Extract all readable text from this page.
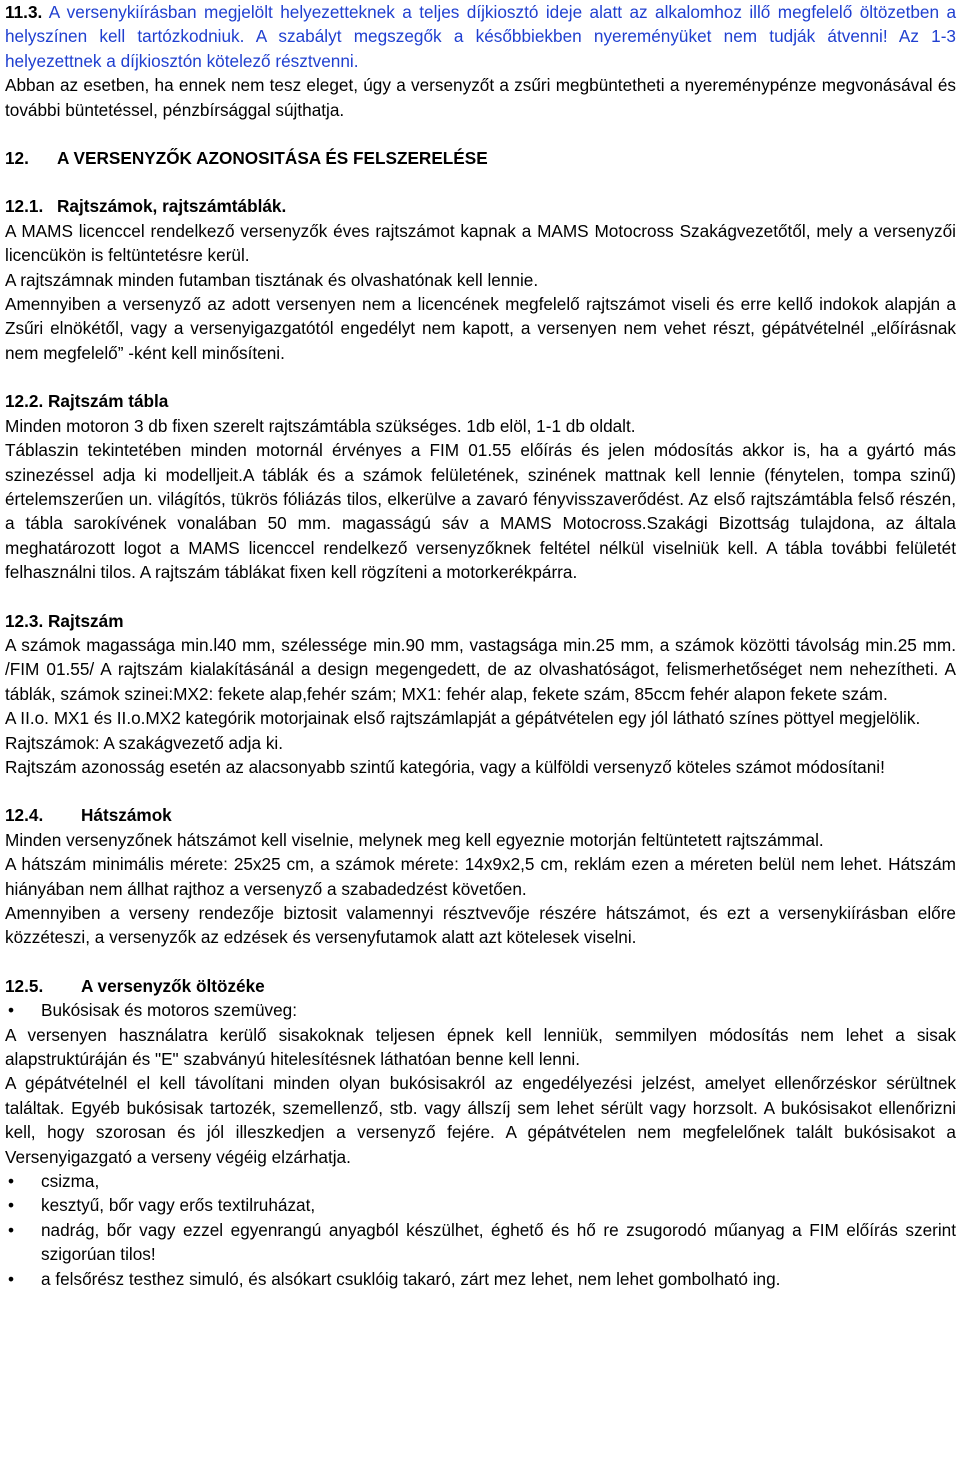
11.3. A versenykiírásban megjelölt helyezetteknek a teljes díjkiosztó ideje alatt az alkalomhoz illő megfelelő öltözetben a helyszínen kell tartózkodniuk. A szabályt megszegők a későbbiekben nyereményüket nem tudják átvenni! Az 1-3 helyezettnek a díjkiosztón kötelező résztvenni.

Abban az esetben, ha ennek nem tesz eleget, úgy a versenyzőt a zsűri megbüntetheti a nyereménypénze megvonásával és további büntetéssel, pénzbírsággal sújthatja.

12. A VERSENYZŐK AZONOSITÁSA ÉS FELSZERELÉSE

12.1. Rajtszámok, rajtszámtáblák.

A MAMS licenccel rendelkező versenyzők éves rajtszámot kapnak a MAMS Motocross Szakágvezetőtől, mely a versenyzői licencükön is feltüntetésre kerül.

A rajtszámnak minden futamban tisztának és olvashatónak kell lennie.

Amennyiben a versenyző az adott versenyen nem a licencének megfelelő rajtszámot viseli és erre kellő indokok alapján a Zsűri elnökétől, vagy a versenyigazgatótól engedélyt nem kapott, a versenyen nem vehet részt, gépátvételnél „előírásnak nem megfelelő” -ként kell minősíteni.

12.2. Rajtszám tábla

Minden motoron 3 db fixen szerelt rajtszámtábla szükséges. 1db elöl, 1-1 db oldalt.

Táblaszin tekintetében minden motornál érvényes a FIM 01.55 előírás és jelen módosítás akkor is, ha a gyártó más szinezéssel adja ki modelljeit.A táblák és a számok felületének, szinének mattnak kell lennie (fénytelen, tompa szinű) értelemszerűen un. világítós, tükrös fóliázás tilos, elkerülve a zavaró fényvisszaverődést. Az első rajtszámtábla felső részén, a tábla sarokívének vonalában 50 mm. magasságú sáv a MAMS Motocross.Szakági Bizottság tulajdona, az általa meghatározott logot a MAMS licenccel rendelkező versenyzőknek feltétel nélkül viselniük kell. A tábla további felületét felhasználni tilos. A rajtszám táblákat fixen kell rögzíteni a motorkerékpárra.

12.3. Rajtszám

A számok magassága min.l40 mm, szélessége min.90 mm, vastagsága min.25 mm, a számok közötti távolság min.25 mm. /FIM 01.55/ A rajtszám kialakításánál a design megengedett, de az olvashatóságot, felismerhetőséget nem nehezítheti. A táblák, számok szinei:MX2: fekete alap,fehér szám; MX1: fehér alap, fekete szám, 85ccm fehér alapon fekete szám.

A II.o. MX1 és II.o.MX2 kategórik motorjainak első rajtszámlapját a gépátvételen egy jól látható színes pöttyel megjelölik.

Rajtszámok: A szakágvezető adja ki.

Rajtszám azonosság esetén az alacsonyabb szintű kategória, vagy a külföldi versenyző köteles számot módosítani!

12.4. Hátszámok

Minden versenyzőnek hátszámot kell viselnie, melynek meg kell egyeznie motorján feltüntetett rajtszámmal.

A hátszám minimális mérete: 25x25 cm, a számok mérete: 14x9x2,5 cm, reklám ezen a méreten belül nem lehet. Hátszám hiányában nem állhat rajthoz a versenyző a szabadedzést követően.

Amennyiben a verseny rendezője biztosit valamennyi résztvevője részére hátszámot, és ezt a versenykiírásban előre közzéteszi, a versenyzők az edzések és versenyfutamok alatt azt kötelesek viselni.

12.5. A versenyzők öltözéke

• Bukósisak és motoros szemüveg:

A versenyen használatra kerülő sisakoknak teljesen épnek kell lenniük, semmilyen módosítás nem lehet a sisak alapstruktúráján és "E" szabványú hitelesítésnek láthatóan benne kell lenni.

A gépátvételnél el kell távolítani minden olyan bukósisakról az engedélyezési jelzést, amelyet ellenőrzéskor sérültnek találtak. Egyéb bukósisak tartozék, szemellenző, stb. vagy állszíj sem lehet sérült vagy horzsolt. A bukósisakot ellenőrizni kell, hogy szorosan és jól illeszkedjen a versenyző fejére. A gépátvételen nem megfelelőnek talált bukósisakot a Versenyigazgató a verseny végéig elzárhatja.

• csizma,

• kesztyű, bőr vagy erős textilruházat,

• nadrág, bőr vagy ezzel egyenrangú anyagból készülhet, éghető és hő re zsugorodó műanyag a FIM előírás szerint szigorúan tilos!

• a felsőrész testhez simuló, és alsókart csuklóig takaró, zárt mez lehet, nem lehet gombolható ing.
